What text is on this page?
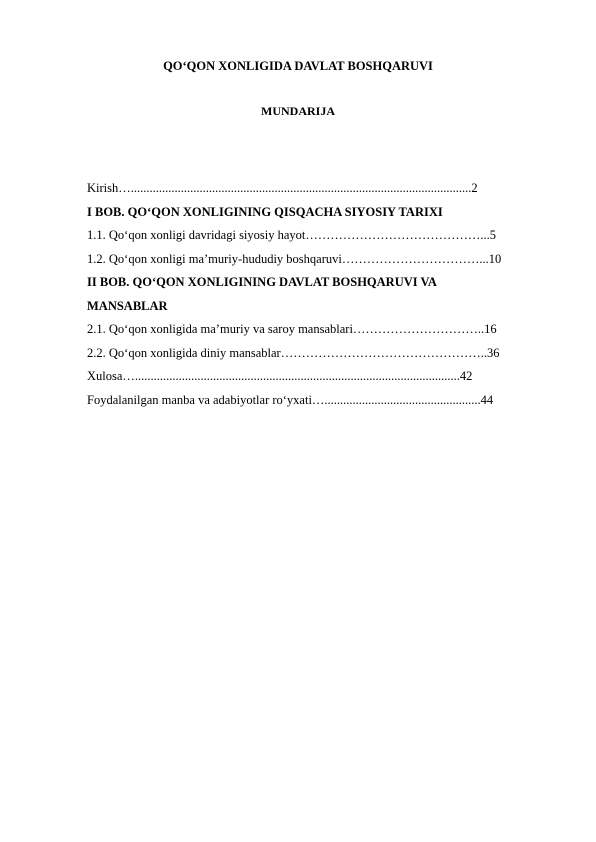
QO‘QON XONLIGIDA DAVLAT BOSHQARUVI
MUNDARIJA
Kirish….............................................................................................................2
I BOB. QO‘QON XONLIGINING QISQACHA SIYOSIY TARIXI
1.1. Qo‘qon xonligi davridagi siyosiy hayot……………………………………...5
1.2. Qo‘qon xonligi ma’muriy-hududiy boshqaruvi……………………………...10
II BOB. QO‘QON XONLIGINING DAVLAT BOSHQARUVI VA
MANSABLAR
2.1. Qo‘qon xonligida ma’muriy va saroy mansablari…………………………..16
2.2. Qo‘qon xonligida diniy mansablar…………………………………………..36
Xulosa…........................................................................................................42
Foydalanilgan manba va adabiyotlar ro‘yxati…..................................................44
